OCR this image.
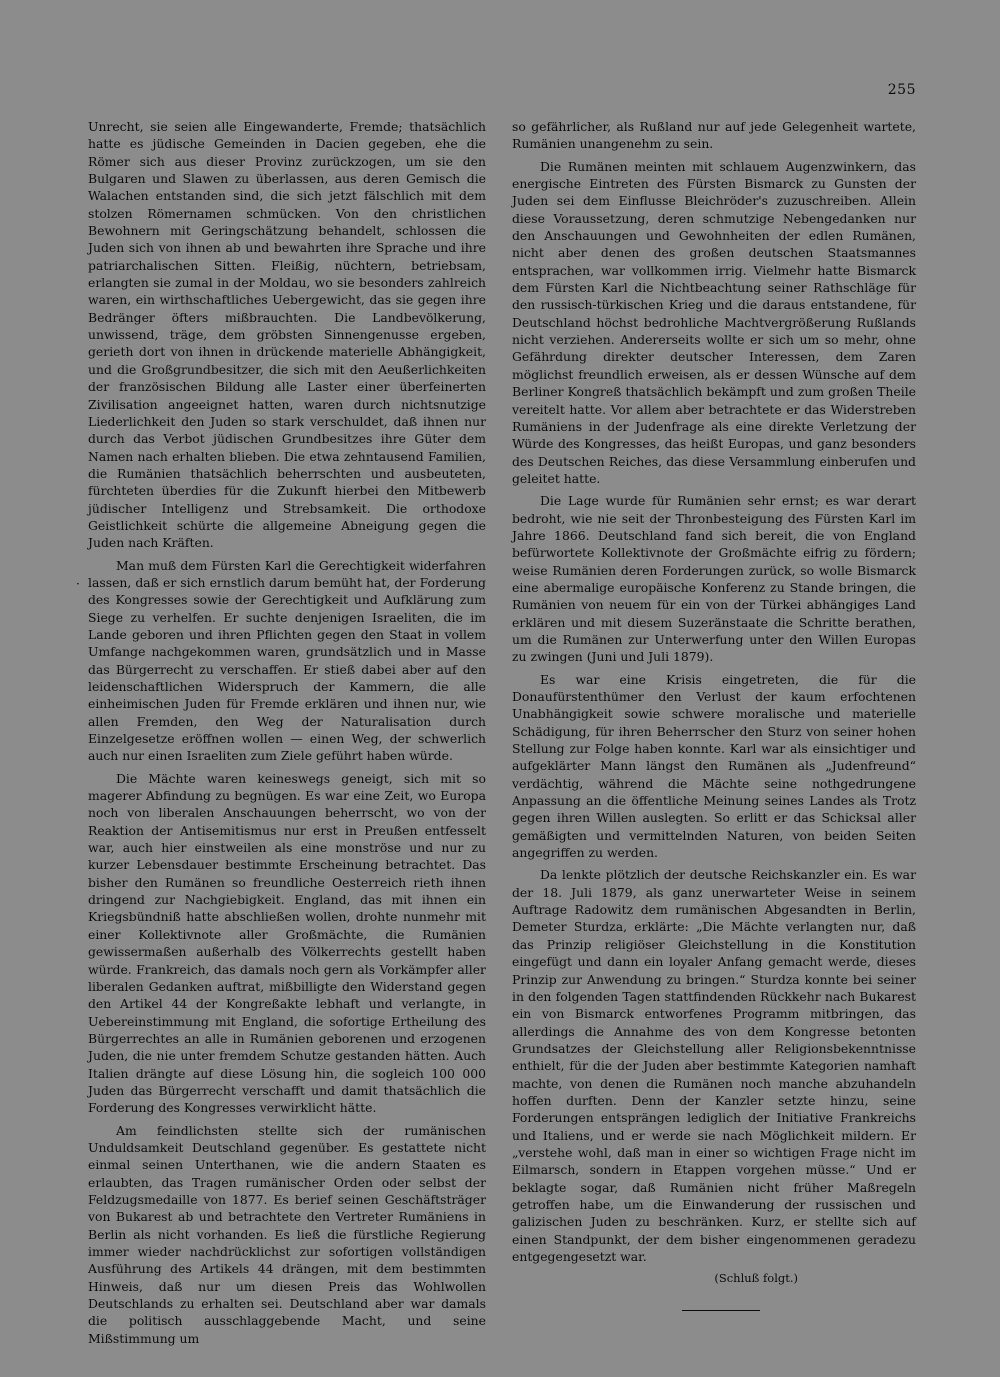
255
·

Unrecht, sie seien alle Eingewanderte, Fremde; thatsächlich hatte es jüdische Gemeinden in Dacien gegeben, ehe die Römer sich aus dieser Provinz zurückzogen, um sie den Bulgaren und Slawen zu überlassen, aus deren Gemisch die Walachen entstanden sind, die sich jetzt fälschlich mit dem stolzen Römernamen schmücken. Von den christlichen Bewohnern mit Geringschätzung behandelt, schlossen die Juden sich von ihnen ab und bewahrten ihre Sprache und ihre patriarchalischen Sitten. Fleißig, nüchtern, betriebsam, erlangten sie zumal in der Moldau, wo sie besonders zahlreich waren, ein wirthschaftliches Uebergewicht, das sie gegen ihre Bedränger öfters mißbrauchten. Die Landbevölkerung, unwissend, träge, dem gröbsten Sinnengenusse ergeben, gerieth dort von ihnen in drückende materielle Abhängigkeit, und die Großgrundbesitzer, die sich mit den Aeußerlichkeiten der französischen Bildung alle Laster einer überfeinerten Zivilisation angeeignet hatten, waren durch nichtsnutzige Liederlichkeit den Juden so stark verschuldet, daß ihnen nur durch das Verbot jüdischen Grundbesitzes ihre Güter dem Namen nach erhalten blieben. Die etwa zehntausend Familien, die Rumänien thatsächlich beherrschten und ausbeuteten, fürchteten überdies für die Zukunft hierbei den Mitbewerb jüdischer Intelligenz und Strebsamkeit. Die orthodoxe Geistlichkeit schürte die allgemeine Abneigung gegen die Juden nach Kräften.

Man muß dem Fürsten Karl die Gerechtigkeit widerfahren lassen, daß er sich ernstlich darum bemüht hat, der Forderung des Kongresses sowie der Gerechtigkeit und Aufklärung zum Siege zu verhelfen. Er suchte denjenigen Israeliten, die im Lande geboren und ihren Pflichten gegen den Staat in vollem Umfange nachgekommen waren, grundsätzlich und in Masse das Bürgerrecht zu verschaffen. Er stieß dabei aber auf den leidenschaftlichen Widerspruch der Kammern, die alle einheimischen Juden für Fremde erklären und ihnen nur, wie allen Fremden, den Weg der Naturalisation durch Einzelgesetze eröffnen wollen — einen Weg, der schwerlich auch nur einen Israeliten zum Ziele geführt haben würde.

Die Mächte waren keineswegs geneigt, sich mit so magerer Abfindung zu begnügen. Es war eine Zeit, wo Europa noch von liberalen Anschauungen beherrscht, wo von der Reaktion der Antisemitismus nur erst in Preußen entfesselt war, auch hier einstweilen als eine monströse und nur zu kurzer Lebensdauer bestimmte Erscheinung betrachtet. Das bisher den Rumänen so freundliche Oesterreich rieth ihnen dringend zur Nachgiebigkeit. England, das mit ihnen ein Kriegsbündniß hatte abschließen wollen, drohte nunmehr mit einer Kollektivnote aller Großmächte, die Rumänien gewissermaßen außerhalb des Völkerrechts gestellt haben würde. Frankreich, das damals noch gern als Vorkämpfer aller liberalen Gedanken auftrat, mißbilligte den Widerstand gegen den Artikel 44 der Kongreßakte lebhaft und verlangte, in Uebereinstimmung mit England, die sofortige Ertheilung des Bürgerrechtes an alle in Rumänien geborenen und erzogenen Juden, die nie unter fremdem Schutze gestanden hätten. Auch Italien drängte auf diese Lösung hin, die sogleich 100 000 Juden das Bürgerrecht verschafft und damit thatsächlich die Forderung des Kongresses verwirklicht hätte.

Am feindlichsten stellte sich der rumänischen Unduldsamkeit Deutschland gegenüber. Es gestattete nicht einmal seinen Unterthanen, wie die andern Staaten es erlaubten, das Tragen rumänischer Orden oder selbst der Feldzugsmedaille von 1877. Es berief seinen Geschäftsträger von Bukarest ab und betrachtete den Vertreter Rumäniens in Berlin als nicht vorhanden. Es ließ die fürstliche Regierung immer wieder nachdrücklichst zur sofortigen vollständigen Ausführung des Artikels 44 drängen, mit dem bestimmten Hinweis, daß nur um diesen Preis das Wohlwollen Deutschlands zu erhalten sei. Deutschland aber war damals die politisch ausschlaggebende Macht, und seine Mißstimmung um

so gefährlicher, als Rußland nur auf jede Gelegenheit wartete, Rumänien unangenehm zu sein.

Die Rumänen meinten mit schlauem Augenzwinkern, das energische Eintreten des Fürsten Bismarck zu Gunsten der Juden sei dem Einflusse Bleichröder's zuzuschreiben. Allein diese Voraussetzung, deren schmutzige Nebengedanken nur den Anschauungen und Gewohnheiten der edlen Rumänen, nicht aber denen des großen deutschen Staatsmannes entsprachen, war vollkommen irrig. Vielmehr hatte Bismarck dem Fürsten Karl die Nichtbeachtung seiner Rathschläge für den russisch-türkischen Krieg und die daraus entstandene, für Deutschland höchst bedrohliche Machtvergrößerung Rußlands nicht verziehen. Andererseits wollte er sich um so mehr, ohne Gefährdung direkter deutscher Interessen, dem Zaren möglichst freundlich erweisen, als er dessen Wünsche auf dem Berliner Kongreß thatsächlich bekämpft und zum großen Theile vereitelt hatte. Vor allem aber betrachtete er das Widerstreben Rumäniens in der Judenfrage als eine direkte Verletzung der Würde des Kongresses, das heißt Europas, und ganz besonders des Deutschen Reiches, das diese Versammlung einberufen und geleitet hatte.

Die Lage wurde für Rumänien sehr ernst; es war derart bedroht, wie nie seit der Thronbesteigung des Fürsten Karl im Jahre 1866. Deutschland fand sich bereit, die von England befürwortete Kollektivnote der Großmächte eifrig zu fördern; weise Rumänien deren Forderungen zurück, so wolle Bismarck eine abermalige europäische Konferenz zu Stande bringen, die Rumänien von neuem für ein von der Türkei abhängiges Land erklären und mit diesem Suzeränstaate die Schritte berathen, um die Rumänen zur Unterwerfung unter den Willen Europas zu zwingen (Juni und Juli 1879).

Es war eine Krisis eingetreten, die für die Donaufürstenthümer den Verlust der kaum erfochtenen Unabhängigkeit sowie schwere moralische und materielle Schädigung, für ihren Beherrscher den Sturz von seiner hohen Stellung zur Folge haben konnte. Karl war als einsichtiger und aufgeklärter Mann längst den Rumänen als „Judenfreund“ verdächtig, während die Mächte seine nothgedrungene Anpassung an die öffentliche Meinung seines Landes als Trotz gegen ihren Willen auslegten. So erlitt er das Schicksal aller gemäßigten und vermittelnden Naturen, von beiden Seiten angegriffen zu werden.

Da lenkte plötzlich der deutsche Reichskanzler ein. Es war der 18. Juli 1879, als ganz unerwarteter Weise in seinem Auftrage Radowitz dem rumänischen Abgesandten in Berlin, Demeter Sturdza, erklärte: „Die Mächte verlangten nur, daß das Prinzip religiöser Gleichstellung in die Konstitution eingefügt und dann ein loyaler Anfang gemacht werde, dieses Prinzip zur Anwendung zu bringen.“ Sturdza konnte bei seiner in den folgenden Tagen stattfindenden Rückkehr nach Bukarest ein von Bismarck entworfenes Programm mitbringen, das allerdings die Annahme des von dem Kongresse betonten Grundsatzes der Gleichstellung aller Religionsbekenntnisse enthielt, für die der Juden aber bestimmte Kategorien namhaft machte, von denen die Rumänen noch manche abzuhandeln hoffen durften. Denn der Kanzler setzte hinzu, seine Forderungen entsprängen lediglich der Initiative Frankreichs und Italiens, und er werde sie nach Möglichkeit mildern. Er „verstehe wohl, daß man in einer so wichtigen Frage nicht im Eilmarsch, sondern in Etappen vorgehen müsse.“ Und er beklagte sogar, daß Rumänien nicht früher Maßregeln getroffen habe, um die Einwanderung der russischen und galizischen Juden zu beschränken. Kurz, er stellte sich auf einen Standpunkt, der dem bisher eingenommenen geradezu entgegengesetzt war.

(Schluß folgt.)
